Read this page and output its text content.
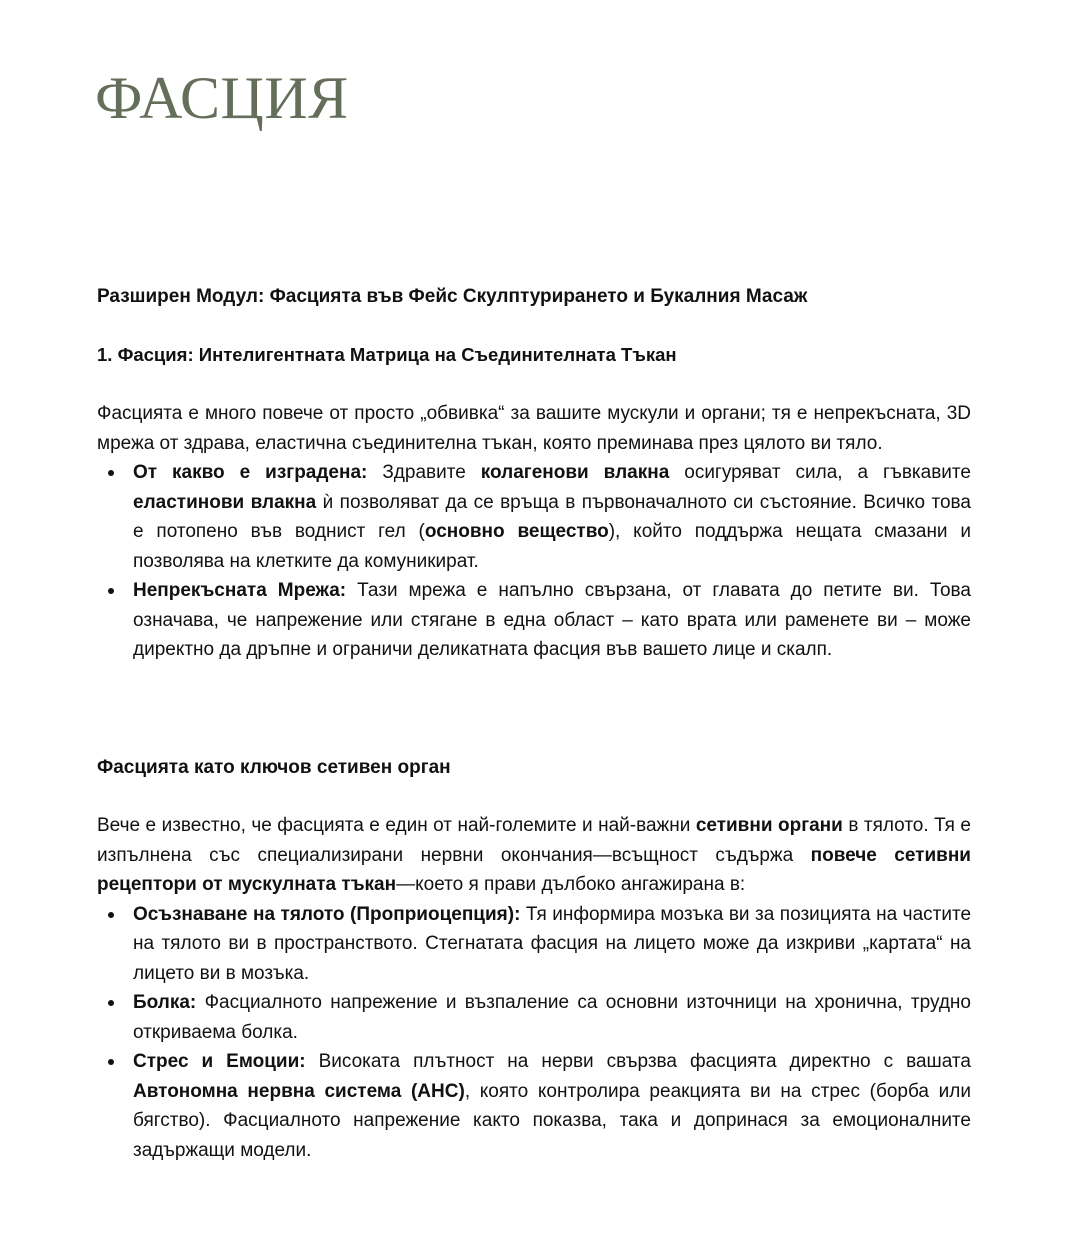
ФАСЦИЯ
Разширен Модул: Фасцията във Фейс Скулптурирането и Букалния Масаж
1. Фасция: Интелигентната Матрица на Съединителната Тъкан

Фасцията е много повече от просто „обвивка“ за вашите мускули и органи; тя е непрекъсната, 3D мрежа от здрава, еластична съединителна тъкан, която преминава през цялото ви тяло.

От какво е изградена: Здравите колагенови влакна осигуряват сила, а гъвкавите еластинови влакна ѝ позволяват да се връща в първоначалното си състояние. Всичко това е потопено във воднист гел (основно вещество), който поддържа нещата смазани и позволява на клетките да комуникират.
Непрекъсната Мрежа: Тази мрежа е напълно свързана, от главата до петите ви. Това означава, че напрежение или стягане в една област – като врата или раменете ви – може директно да дръпне и ограничи деликатната фасция във вашето лице и скалп.
Фасцията като ключов сетивен орган

Вече е известно, че фасцията е един от най-големите и най-важни сетивни органи в тялото. Тя е изпълнена със специализирани нервни окончания—всъщност съдържа повече сетивни рецептори от мускулната тъкан—което я прави дълбоко ангажирана в:

Осъзнаване на тялото (Проприоцепция): Тя информира мозъка ви за позицията на частите на тялото ви в пространството. Стегнатата фасция на лицето може да изкриви „картата“ на лицето ви в мозъка.
Болка: Фасциалното напрежение и възпаление са основни източници на хронична, трудно откриваема болка.
Стрес и Емоции: Високата плътност на нерви свързва фасцията директно с вашата Автономна нервна система (АНС), която контролира реакцията ви на стрес (борба или бягство). Фасциалното напрежение както показва, така и допринася за емоционалните задържащи модели.
